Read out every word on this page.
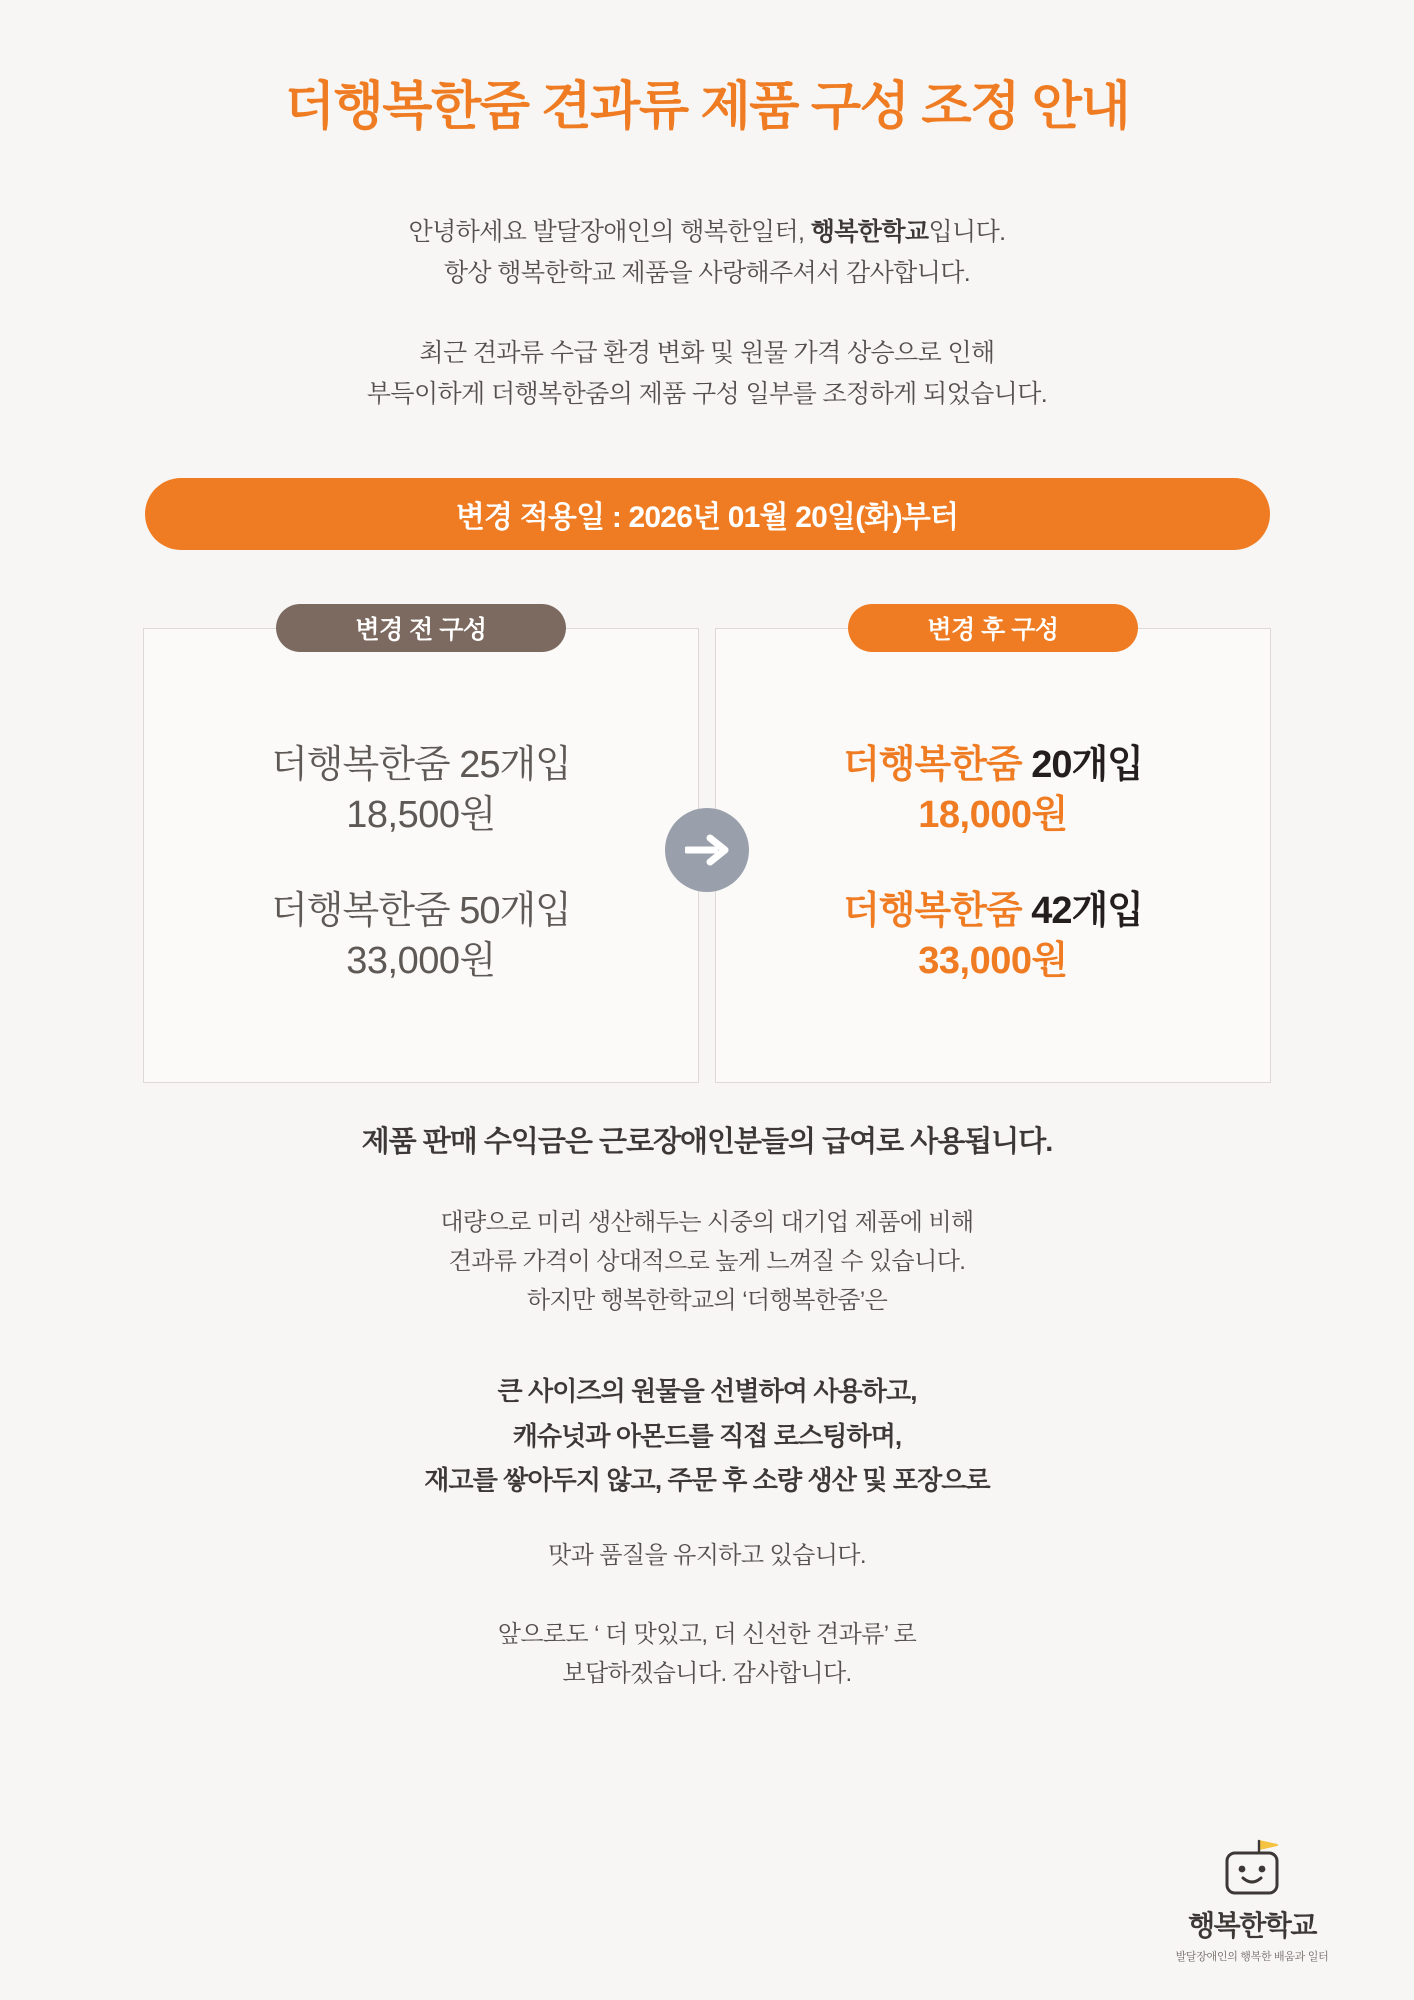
더행복한줌 견과류 제품 구성 조정 안내
안녕하세요 발달장애인의 행복한일터, 행복한학교입니다.
항상 행복한학교 제품을 사랑해주셔서 감사합니다.
최근 견과류 수급 환경 변화 및 원물 가격 상승으로 인해
부득이하게 더행복한줌의 제품 구성 일부를 조정하게 되었습니다.
변경 적용일 : 2026년 01월 20일(화)부터
변경 전 구성
더행복한줌 25개입
18,500원
더행복한줌 50개입
33,000원
변경 후 구성
더행복한줌 20개입
18,000원
더행복한줌 42개입
33,000원
제품 판매 수익금은 근로장애인분들의 급여로 사용됩니다.
대량으로 미리 생산해두는 시중의 대기업 제품에 비해
견과류 가격이 상대적으로 높게 느껴질 수 있습니다.
하지만 행복한학교의 ‘더행복한줌’은
큰 사이즈의 원물을 선별하여 사용하고,
캐슈넛과 아몬드를 직접 로스팅하며,
재고를 쌓아두지 않고, 주문 후 소량 생산 및 포장으로
맛과 품질을 유지하고 있습니다.
앞으로도 ‘ 더 맛있고, 더 신선한 견과류’ 로
보답하겠습니다. 감사합니다.
행복한학교
발달장애인의 행복한 배움과 일터
